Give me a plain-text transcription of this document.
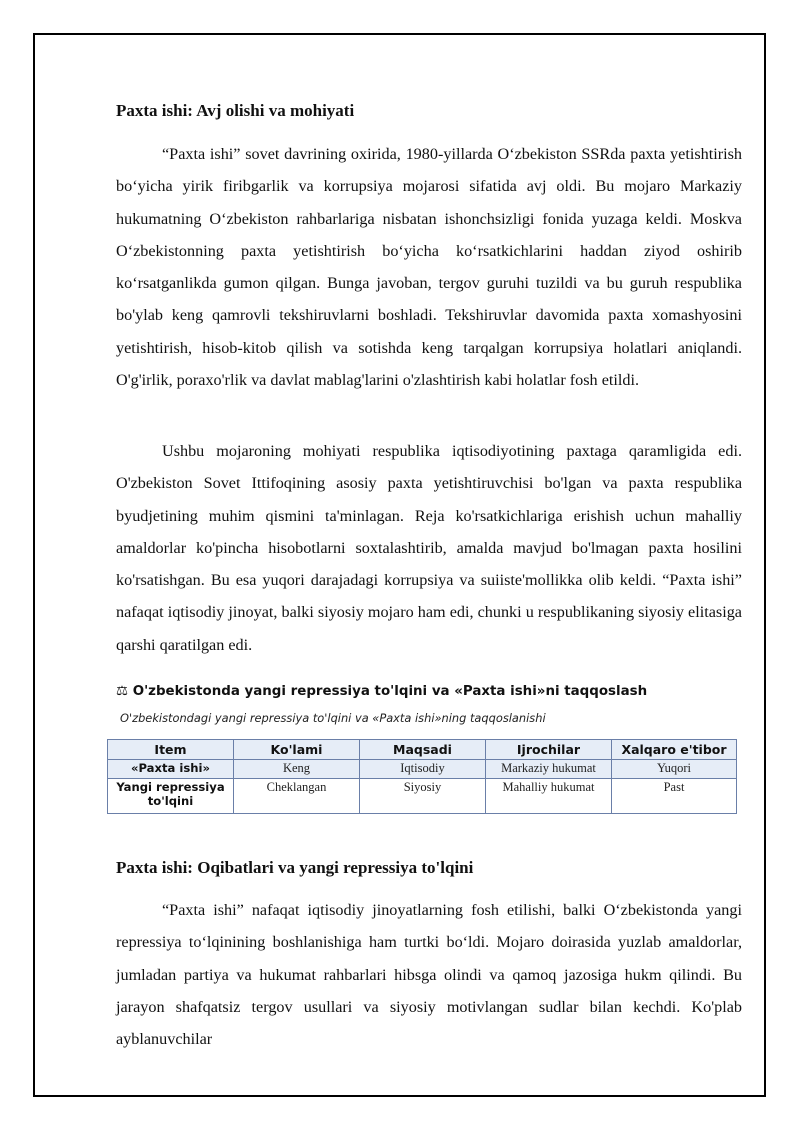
Paxta ishi: Avj olishi va mohiyati

“Paxta ishi” sovet davrining oxirida, 1980-yillarda O‘zbekiston SSRda paxta yetishtirish bo‘yicha yirik firibgarlik va korrupsiya mojarosi sifatida avj oldi. Bu mojaro Markaziy hukumatning O‘zbekiston rahbarlariga nisbatan ishonchsizligi fonida yuzaga keldi. Moskva O‘zbekistonning paxta yetishtirish bo‘yicha ko‘rsatkichlarini haddan ziyod oshirib ko‘rsatganlikda gumon qilgan. Bunga javoban, tergov guruhi tuzildi va bu guruh respublika bo'ylab keng qamrovli tekshiruvlarni boshladi. Tekshiruvlar davomida paxta xomashyosini yetishtirish, hisob-kitob qilish va sotishda keng tarqalgan korrupsiya holatlari aniqlandi. O'g'irlik, poraxo'rlik va davlat mablag'larini o'zlashtirish kabi holatlar fosh etildi.

Ushbu mojaroning mohiyati respublika iqtisodiyotining paxtaga qaramligida edi. O'zbekiston Sovet Ittifoqining asosiy paxta yetishtiruvchisi bo'lgan va paxta respublika byudjetining muhim qismini ta'minlagan. Reja ko'rsatkichlariga erishish uchun mahalliy amaldorlar ko'pincha hisobotlarni soxtalashtirib, amalda mavjud bo'lmagan paxta hosilini ko'rsatishgan. Bu esa yuqori darajadagi korrupsiya va suiiste'mollikka olib keldi. “Paxta ishi” nafaqat iqtisodiy jinoyat, balki siyosiy mojaro ham edi, chunki u respublikaning siyosiy elitasiga qarshi qaratilgan edi.

⚖ O'zbekistonda yangi repressiya to'lqini va «Paxta ishi»ni taqqoslash
O'zbekistondagi yangi repressiya to'lqini va «Paxta ishi»ning taqqoslanishi
Item	Ko'lami	Maqsadi	Ijrochilar	Xalqaro e'tibor
«Paxta ishi»	Keng	Iqtisodiy	Markaziy hukumat	Yuqori
Yangi repressiya to'lqini	Cheklangan	Siyosiy	Mahalliy hukumat	Past
Paxta ishi: Oqibatlari va yangi repressiya to'lqini

“Paxta ishi” nafaqat iqtisodiy jinoyatlarning fosh etilishi, balki O‘zbekistonda yangi repressiya to‘lqinining boshlanishiga ham turtki bo‘ldi. Mojaro doirasida yuzlab amaldorlar, jumladan partiya va hukumat rahbarlari hibsga olindi va qamoq jazosiga hukm qilindi. Bu jarayon shafqatsiz tergov usullari va siyosiy motivlangan sudlar bilan kechdi. Ko'plab ayblanuvchilar
